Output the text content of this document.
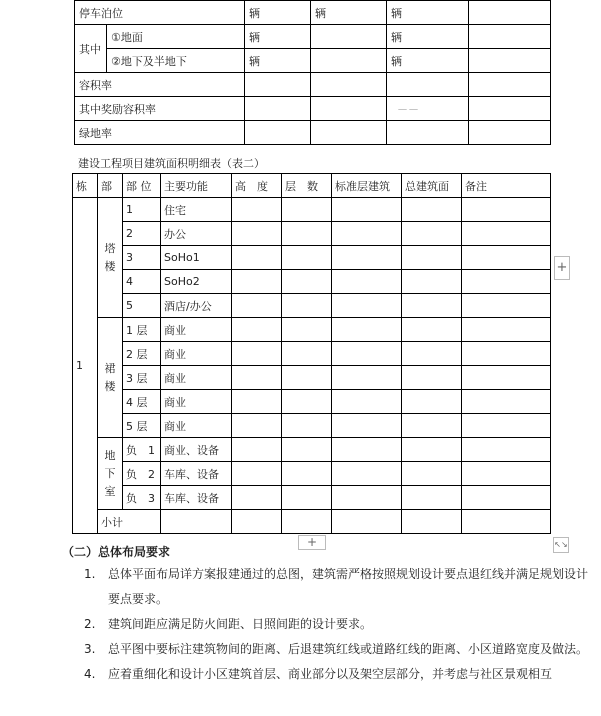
停车泊位		辆	辆	辆	
其中	①地面	辆		辆	
	②地下及半地下	辆		辆	
容积率					
其中奖励容积率				－－	
绿地率					
建设工程项目建筑面积明细表（表二）
栋	部	部 位	主要功能	高　度	层　数	标准层建筑	总建筑面	备注
1	塔楼	1	住宅					
		2	办公					
		3	SoHo1					
		4	SoHo2					
		5	酒店/办公					
	裙楼	1 层	商业					
		2 层	商业					
		3 层	商业					
		4 层	商业					
		5 层	商业					
	地下室	负　1	商业、设备					
		负　2	车库、设备					
		负　3	车库、设备					
	小计							
+
+	↖↘
（二）总体布局要求
1. 总体平面布局详方案报建通过的总图，建筑需严格按照规划设计要点退红线并满足规划设计要点要求。
2. 建筑间距应满足防火间距、日照间距的设计要求。
3. 总平图中要标注建筑物间的距离、后退建筑红线或道路红线的距离、小区道路宽度及做法。
4. 应着重细化和设计小区建筑首层、商业部分以及架空层部分，并考虑与社区景观相互
